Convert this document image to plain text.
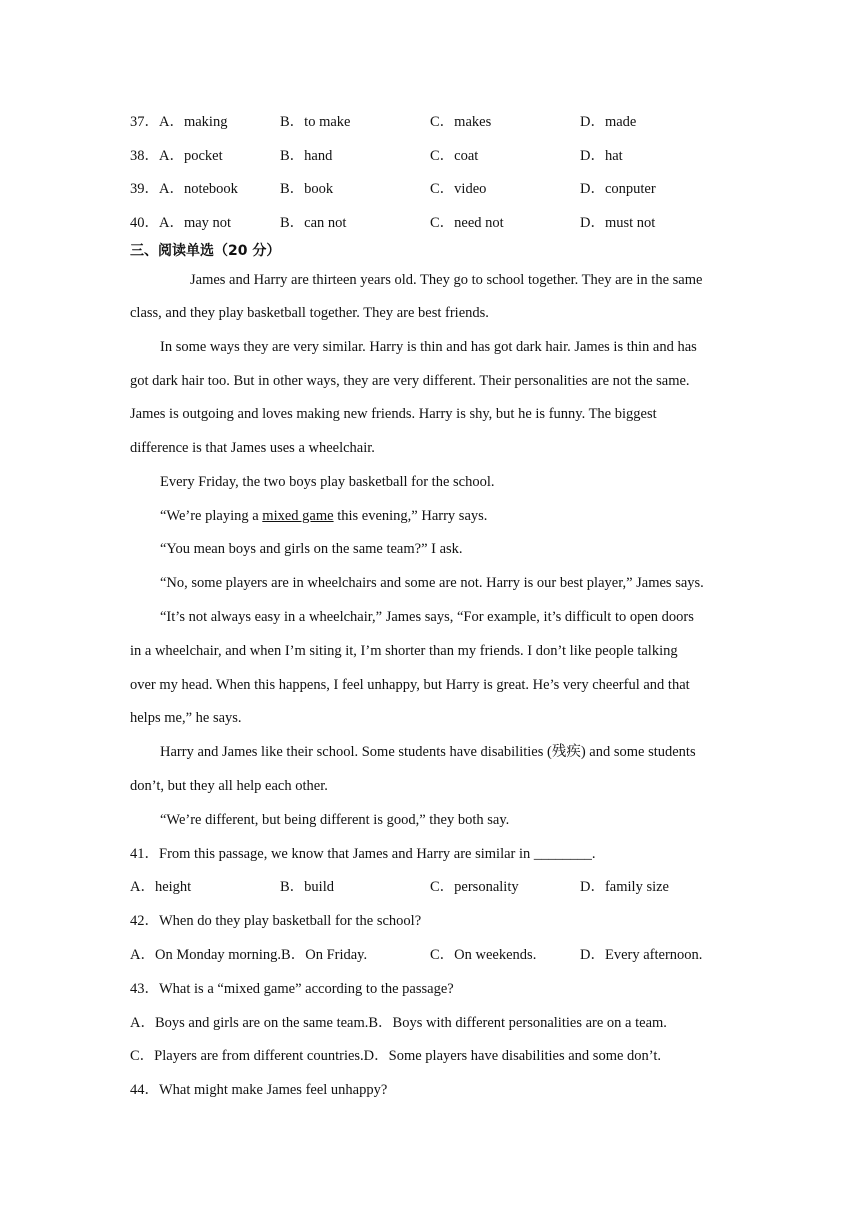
37．A．making	B．to make	C．makes	D．made
38．A．pocket	B．hand	C．coat	D．hat
39．A．notebook	B．book	C．video	D．conputer
40．A．may not	B．can not	C．need not	D．must not
三、阅读单选（20 分）
James and Harry are thirteen years old. They go to school together. They are in the same
class, and they play basketball together. They are best friends.
In some ways they are very similar. Harry is thin and has got dark hair. James is thin and has
got dark hair too. But in other ways, they are very different. Their personalities are not the same.
James is outgoing and loves making new friends. Harry is shy, but he is funny. The biggest
difference is that James uses a wheelchair.
Every Friday, the two boys play basketball for the school.
“We’re playing a mixed game this evening,” Harry says.
“You mean boys and girls on the same team?” I ask.
“No, some players are in wheelchairs and some are not. Harry is our best player,” James says.
“It’s not always easy in a wheelchair,” James says, “For example, it’s difficult to open doors
in a wheelchair, and when I’m siting it, I’m shorter than my friends. I don’t like people talking
over my head. When this happens, I feel unhappy, but Harry is great. He’s very cheerful and that
helps me,” he says.
Harry and James like their school. Some students have disabilities (残疾) and some students
don’t, but they all help each other.
“We’re different, but being different is good,” they both say.
41．From this passage, we know that James and Harry are similar in ________.
A．height	B．build	C．personality	D．family size
42．When do they play basketball for the school?
A．On Monday morning.B．On Friday.	C．On weekends.	D．Every afternoon.
43．What is a “mixed game” according to the passage?
A．Boys and girls are on the same team.B．Boys with different personalities are on a team.
C．Players are from different countries.D．Some players have disabilities and some don’t.
44．What might make James feel unhappy?
